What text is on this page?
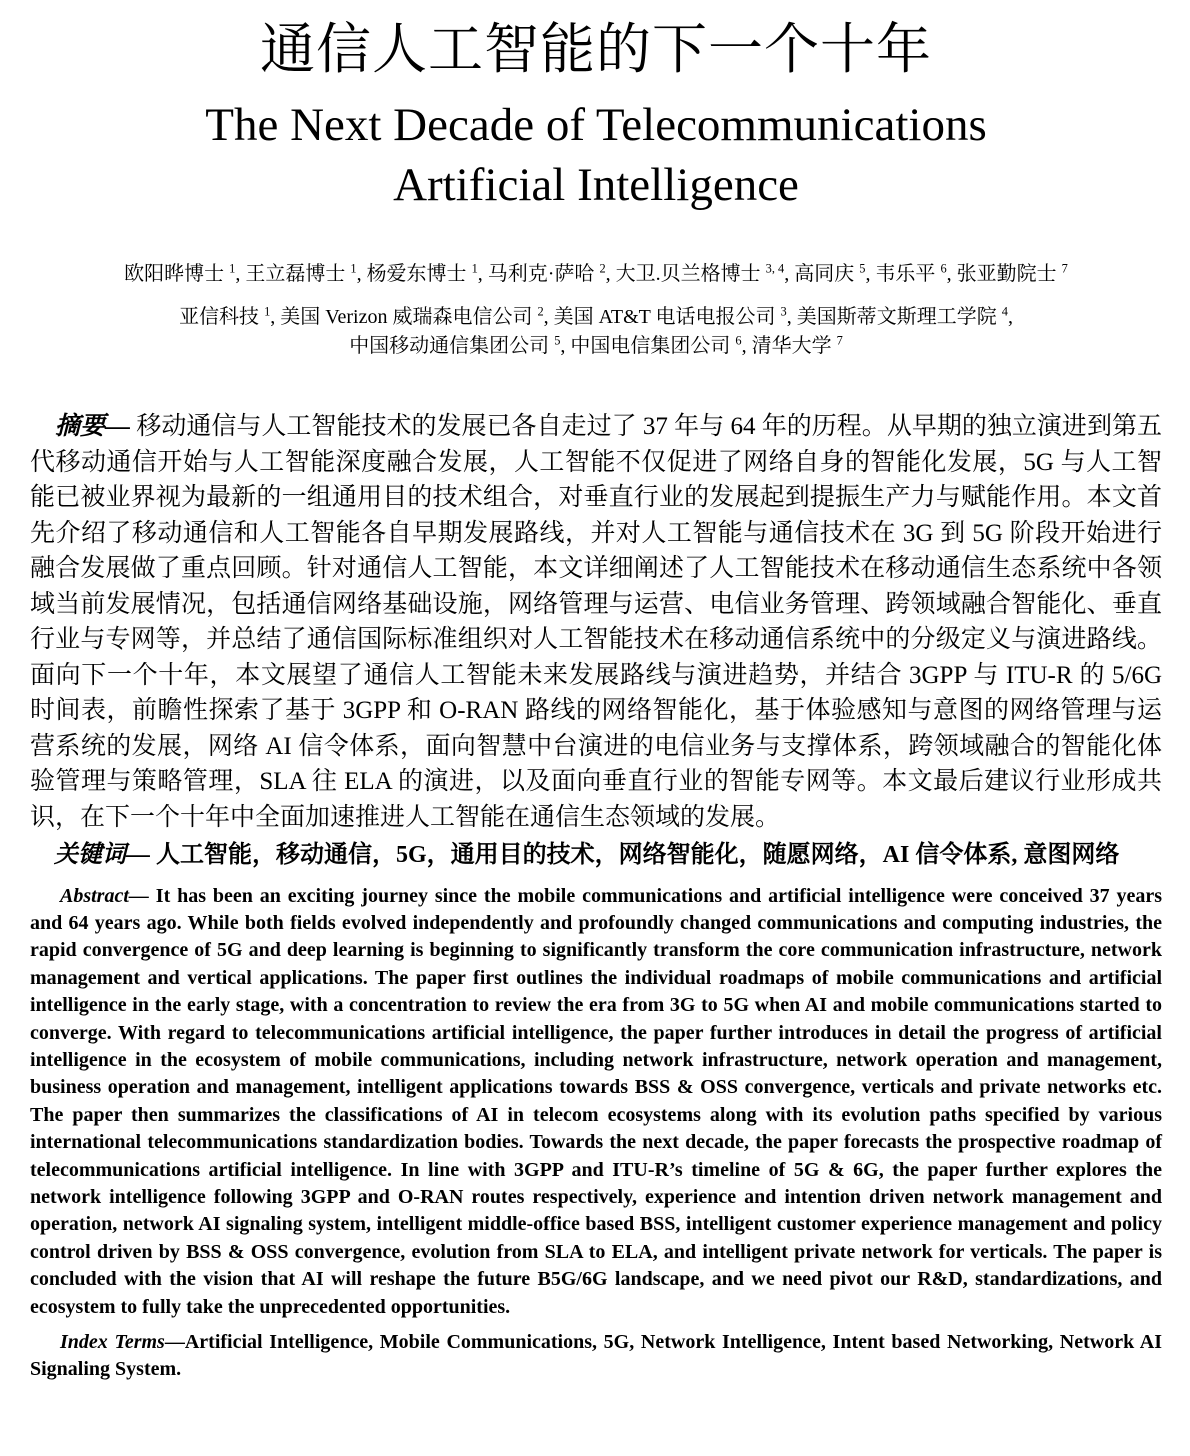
通信人工智能的下一个十年
The Next Decade of Telecommunications
Artificial Intelligence
欧阳晔博士 $^1$, 王立磊博士 $^1$, 杨爱东博士 $^1$, 马利克·萨哈 $^2$, 大卫.贝兰格博士 $^{3, 4}$, 高同庆 $^5$, 韦乐平 $^6$, 张亚勤院士 $^7$
亚信科技 $^1$, 美国 Verizon 威瑞森电信公司 $^2$, 美国 AT&T 电话电报公司 $^3$, 美国斯蒂文斯理工学院 $^4$,
中国移动通信集团公司 $^5$, 中国电信集团公司 $^6$, 清华大学 $^7$

摘要— 移动通信与人工智能技术的发展已各自走过了 37 年与 64 年的历程。从早期的独立演进到第五代移动通信开始与人工智能深度融合发展，人工智能不仅促进了网络自身的智能化发展，5G 与人工智能已被业界视为最新的一组通用目的技术组合，对垂直行业的发展起到提振生产力与赋能作用。本文首先介绍了移动通信和人工智能各自早期发展路线，并对人工智能与通信技术在 3G 到 5G 阶段开始进行融合发展做了重点回顾。针对通信人工智能，本文详细阐述了人工智能技术在移动通信生态系统中各领域当前发展情况，包括通信网络基础设施，网络管理与运营、电信业务管理、跨领域融合智能化、垂直行业与专网等，并总结了通信国际标准组织对人工智能技术在移动通信系统中的分级定义与演进路线。面向下一个十年，本文展望了通信人工智能未来发展路线与演进趋势，并结合 3GPP 与 ITU-R 的 5/6G 时间表，前瞻性探索了基于 3GPP 和 O-RAN 路线的网络智能化，基于体验感知与意图的网络管理与运营系统的发展，网络 AI 信令体系，面向智慧中台演进的电信业务与支撑体系，跨领域融合的智能化体验管理与策略管理，SLA 往 ELA 的演进，以及面向垂直行业的智能专网等。本文最后建议行业形成共识，在下一个十年中全面加速推进人工智能在通信生态领域的发展。

关键词— 人工智能，移动通信，5G，通用目的技术，网络智能化，随愿网络，AI 信令体系, 意图网络

Abstract— It has been an exciting journey since the mobile communications and artificial intelligence were conceived 37 years and 64 years ago. While both fields evolved independently and profoundly changed communications and computing industries, the rapid convergence of 5G and deep learning is beginning to significantly transform the core communication infrastructure, network management and vertical applications. The paper first outlines the individual roadmaps of mobile communications and artificial intelligence in the early stage, with a concentration to review the era from 3G to 5G when AI and mobile communications started to converge. With regard to telecommunications artificial intelligence, the paper further introduces in detail the progress of artificial intelligence in the ecosystem of mobile communications, including network infrastructure, network operation and management, business operation and management, intelligent applications towards BSS & OSS convergence, verticals and private networks etc. The paper then summarizes the classifications of AI in telecom ecosystems along with its evolution paths specified by various international telecommunications standardization bodies. Towards the next decade, the paper forecasts the prospective roadmap of telecommunications artificial intelligence. In line with 3GPP and ITU-R’s timeline of 5G & 6G, the paper further explores the network intelligence following 3GPP and O-RAN routes respectively, experience and intention driven network management and operation, network AI signaling system, intelligent middle-office based BSS, intelligent customer experience management and policy control driven by BSS & OSS convergence, evolution from SLA to ELA, and intelligent private network for verticals. The paper is concluded with the vision that AI will reshape the future B5G/6G landscape, and we need pivot our R&D, standardizations, and ecosystem to fully take the unprecedented opportunities.

Index Terms—Artificial Intelligence, Mobile Communications, 5G, Network Intelligence, Intent based Networking, Network AI Signaling System.
